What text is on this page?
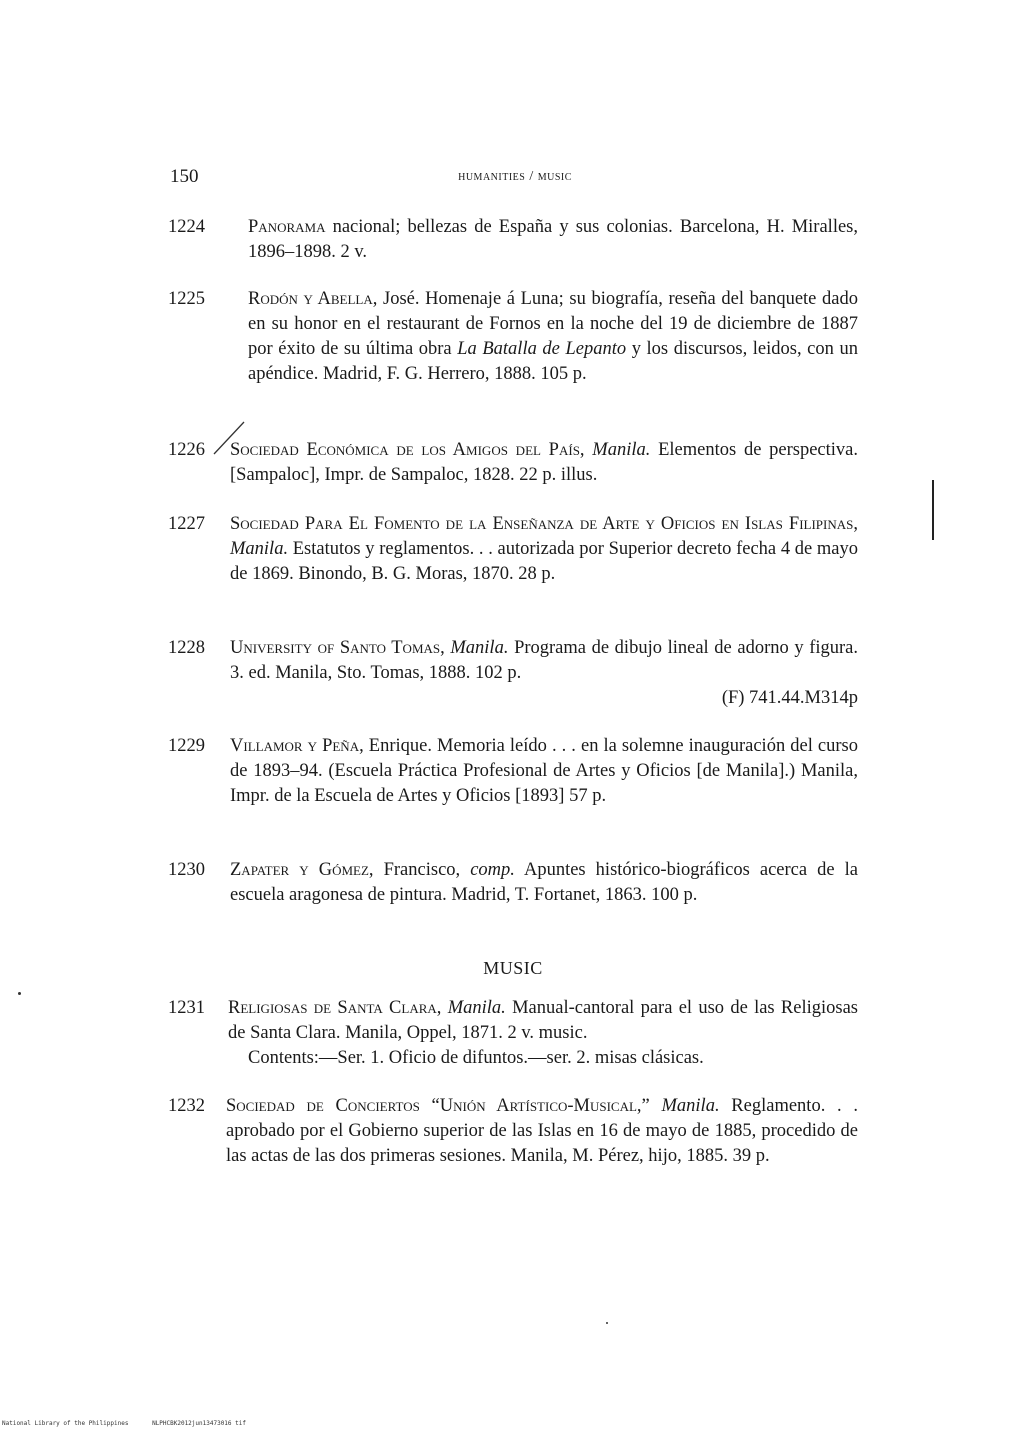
150	humanities / music
1224	Panorama nacional; bellezas de España y sus colonias. Barcelona, H. Miralles, 1896–1898. 2 v.
1225	Rodón y Abella, José. Homenaje á Luna; su biografía, reseña del banquete dado en su honor en el restaurant de Fornos en la noche del 19 de diciembre de 1887 por éxito de su última obra La Batalla de Lepanto y los discursos, leidos, con un apéndice. Madrid, F. G. Herrero, 1888. 105 p.
1226	Sociedad Económica de los Amigos del País, Manila. Elementos de perspectiva. [Sampaloc], Impr. de Sampaloc, 1828. 22 p. illus.
1227	Sociedad Para El Fomento de la Enseñanza de Arte y Oficios en Islas Filipinas, Manila. Estatutos y reglamentos. . . autorizada por Superior decreto fecha 4 de mayo de 1869. Binondo, B. G. Moras, 1870. 28 p.
1228	University of Santo Tomas, Manila. Programa de dibujo lineal de adorno y figura. 3. ed. Manila, Sto. Tomas, 1888. 102 p.
(F) 741.44.M314p
1229	Villamor y Peña, Enrique. Memoria leído . . . en la solemne inauguración del curso de 1893–94. (Escuela Práctica Profesional de Artes y Oficios [de Manila].) Manila, Impr. de la Escuela de Artes y Oficios [1893] 57 p.
1230	Zapater y Gómez, Francisco, comp. Apuntes histórico-biográficos acerca de la escuela aragonesa de pintura. Madrid, T. Fortanet, 1863. 100 p.
MUSIC
1231	Religiosas de Santa Clara, Manila. Manual-cantoral para el uso de las Religiosas de Santa Clara. Manila, Oppel, 1871. 2 v. music.
Contents:—Ser. 1. Oficio de difuntos.—ser. 2. misas clásicas.
1232	Sociedad de Conciertos “Unión Artístico-Musical,” Manila. Reglamento. . . aprobado por el Gobierno superior de las Islas en 16 de mayo de 1885, procedido de las actas de las dos primeras sesiones. Manila, M. Pérez, hijo, 1885. 39 p.
National Library of the Philippines	NLPHCBK2012jun13473016 tif
